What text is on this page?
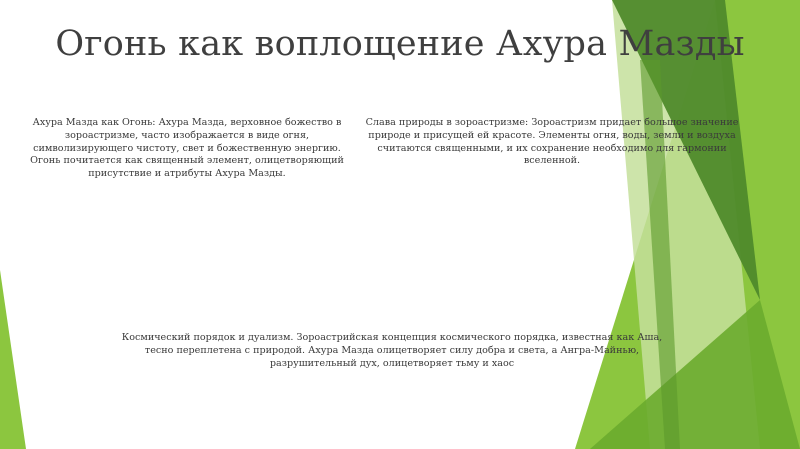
Огонь как воплощение Ахура Мазды
Ахура Мазда как Огонь: Ахура Мазда, верховное божество в зороастризме, часто изображается в виде огня, символизирующего чистоту, свет и божественную энергию. Огонь почитается как священный элемент, олицетворяющий присутствие и атрибуты Ахура Мазды.
Слава природы в зороастризме: Зороастризм придает большое значение природе и присущей ей красоте. Элементы огня, воды, земли и воздуха считаются священными, и их сохранение необходимо для гармонии вселенной.
Космический порядок и дуализм. Зороастрийская концепция космического порядка, известная как Аша, тесно переплетена с природой. Ахура Мазда олицетворяет силу добра и света, а Ангра-Майнью, разрушительный дух, олицетворяет тьму и хаос
